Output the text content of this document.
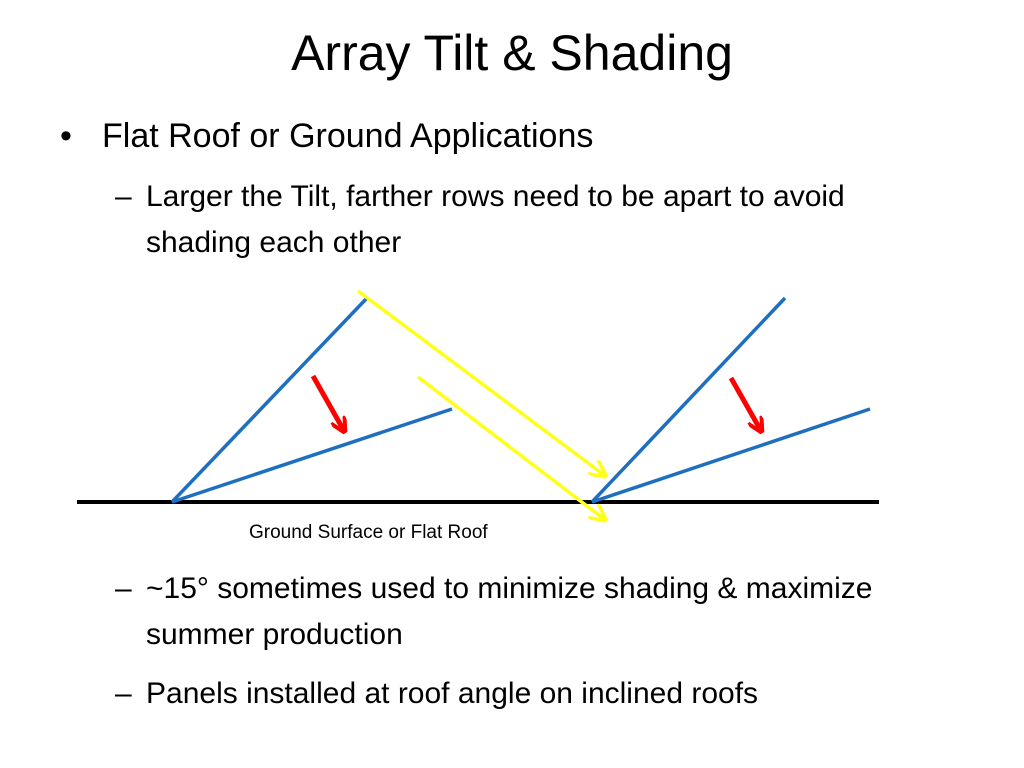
Array Tilt & Shading
• Flat Roof or Ground Applications
– Larger the Tilt, farther rows need to be apart to avoid shading each other
Ground Surface or Flat Roof
– ~15° sometimes used to minimize shading & maximize summer production
– Panels installed at roof angle on inclined roofs
